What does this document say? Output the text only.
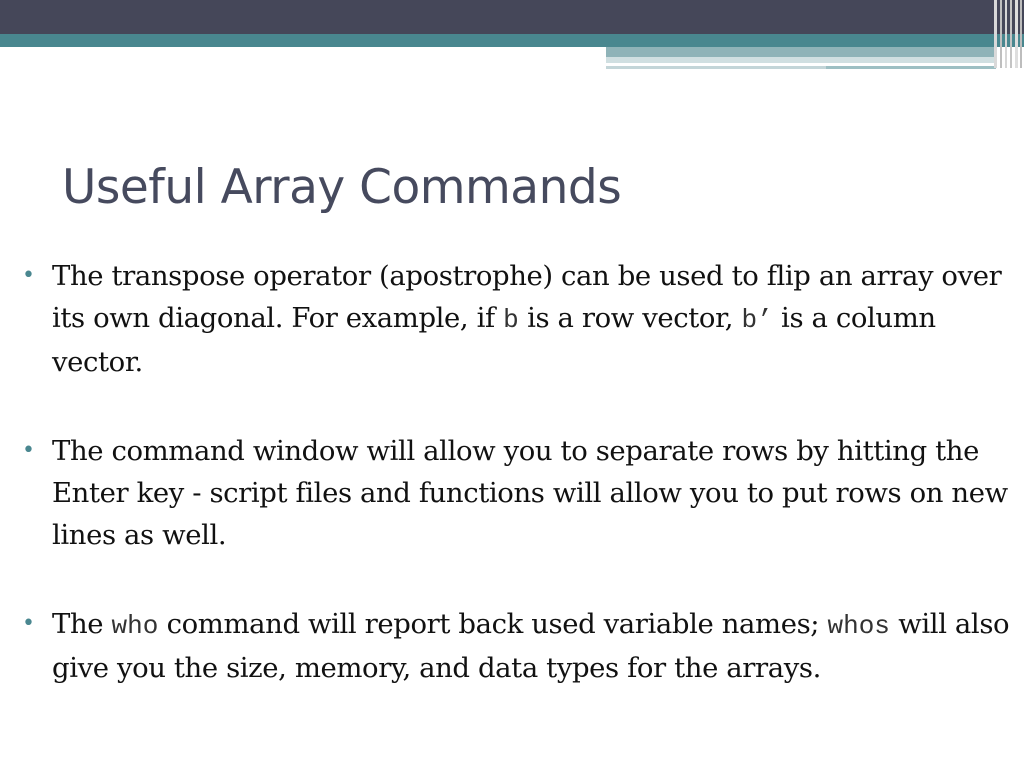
Useful Array Commands
• The transpose operator (apostrophe) can be used to flip an array over its own diagonal. For example, if b is a row vector, b’ is a column vector.
• The command window will allow you to separate rows by hitting the Enter key - script files and functions will allow you to put rows on new lines as well.
• The who command will report back used variable names; whos will also give you the size, memory, and data types for the arrays.
